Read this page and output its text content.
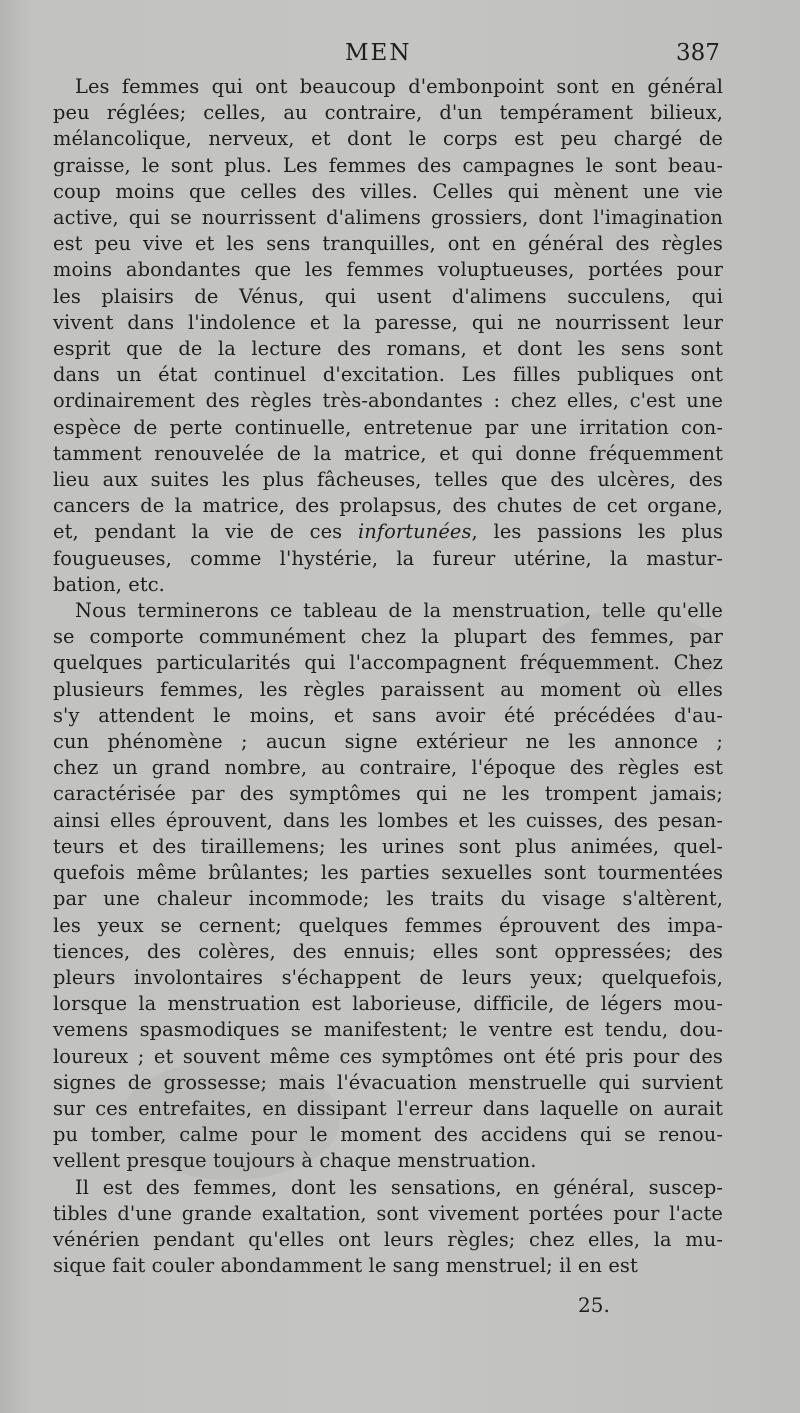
MEN	387

Les femmes qui ont beaucoup d'embonpoint sont en général
peu réglées; celles, au contraire, d'un tempérament bilieux,
mélancolique, nerveux, et dont le corps est peu chargé de
graisse, le sont plus. Les femmes des campagnes le sont beau-
coup moins que celles des villes. Celles qui mènent une vie
active, qui se nourrissent d'alimens grossiers, dont l'imagination
est peu vive et les sens tranquilles, ont en général des règles
moins abondantes que les femmes voluptueuses, portées pour
les plaisirs de Vénus, qui usent d'alimens succulens, qui
vivent dans l'indolence et la paresse, qui ne nourrissent leur
esprit que de la lecture des romans, et dont les sens sont
dans un état continuel d'excitation. Les filles publiques ont
ordinairement des règles très-abondantes : chez elles, c'est une
espèce de perte continuelle, entretenue par une irritation con-
tamment renouvelée de la matrice, et qui donne fréquemment
lieu aux suites les plus fâcheuses, telles que des ulcères, des
cancers de la matrice, des prolapsus, des chutes de cet organe,
et, pendant la vie de ces infortunées, les passions les plus
fougueuses, comme l'hystérie, la fureur utérine, la mastur-
bation, etc.

Nous terminerons ce tableau de la menstruation, telle qu'elle
se comporte communément chez la plupart des femmes, par
quelques particularités qui l'accompagnent fréquemment. Chez
plusieurs femmes, les règles paraissent au moment où elles
s'y attendent le moins, et sans avoir été précédées d'au-
cun phénomène ; aucun signe extérieur ne les annonce ;
chez un grand nombre, au contraire, l'époque des règles est
caractérisée par des symptômes qui ne les trompent jamais;
ainsi elles éprouvent, dans les lombes et les cuisses, des pesan-
teurs et des tiraillemens; les urines sont plus animées, quel-
quefois même brûlantes; les parties sexuelles sont tourmentées
par une chaleur incommode; les traits du visage s'altèrent,
les yeux se cernent; quelques femmes éprouvent des impa-
tiences, des colères, des ennuis; elles sont oppressées; des
pleurs involontaires s'échappent de leurs yeux; quelquefois,
lorsque la menstruation est laborieuse, difficile, de légers mou-
vemens spasmodiques se manifestent; le ventre est tendu, dou-
loureux ; et souvent même ces symptômes ont été pris pour des
signes de grossesse; mais l'évacuation menstruelle qui survient
sur ces entrefaites, en dissipant l'erreur dans laquelle on aurait
pu tomber, calme pour le moment des accidens qui se renou-
vellent presque toujours à chaque menstruation.

Il est des femmes, dont les sensations, en général, suscep-
tibles d'une grande exaltation, sont vivement portées pour l'acte
vénérien pendant qu'elles ont leurs règles; chez elles, la mu-
sique fait couler abondamment le sang menstruel; il en est

25.
